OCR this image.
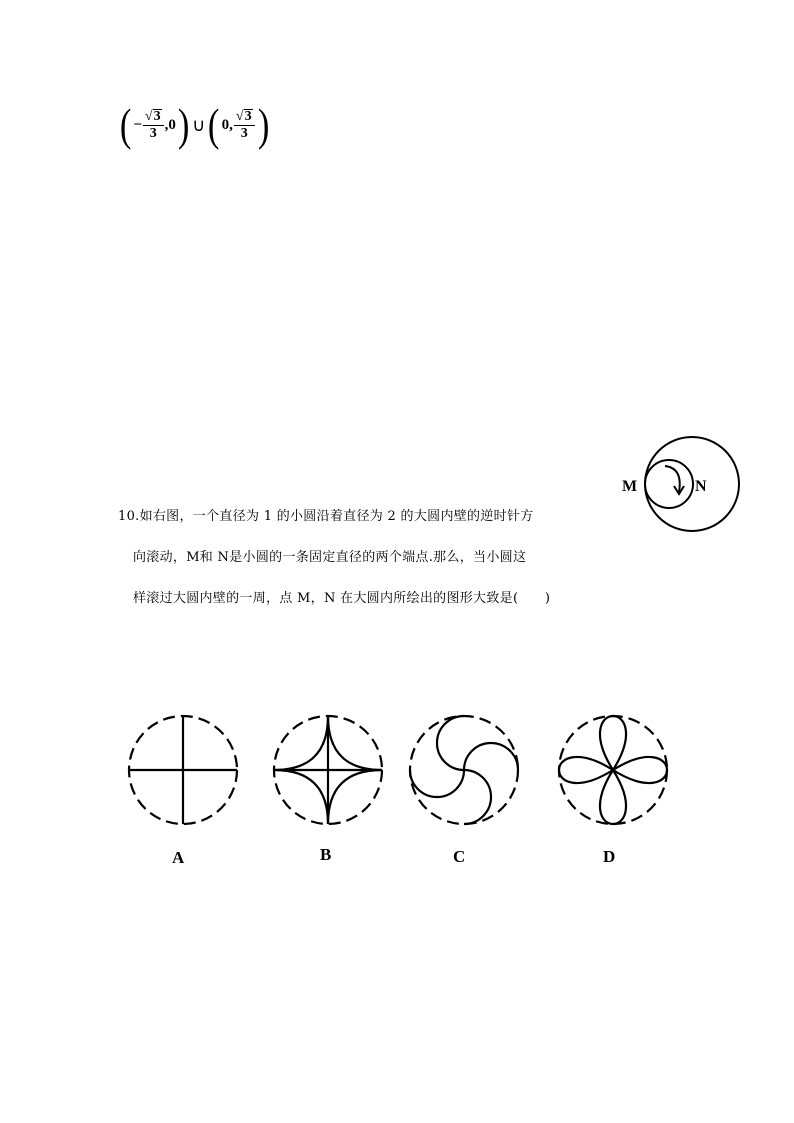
( − $\frac{√ 3}{3}$ , 0 ) ∪ ( 0 , $\frac{√ 3}{3}$ )
M	N
10.如右图，一个直径为 1 的小圆沿着直径为 2 的大圆内壁的逆时针方
向滚动，M和 N是小圆的一条固定直径的两个端点.那么，当小圆这
样滚过大圆内壁的一周，点 M，N 在大圆内所绘出的图形大致是(　　)
A	B	C	D
